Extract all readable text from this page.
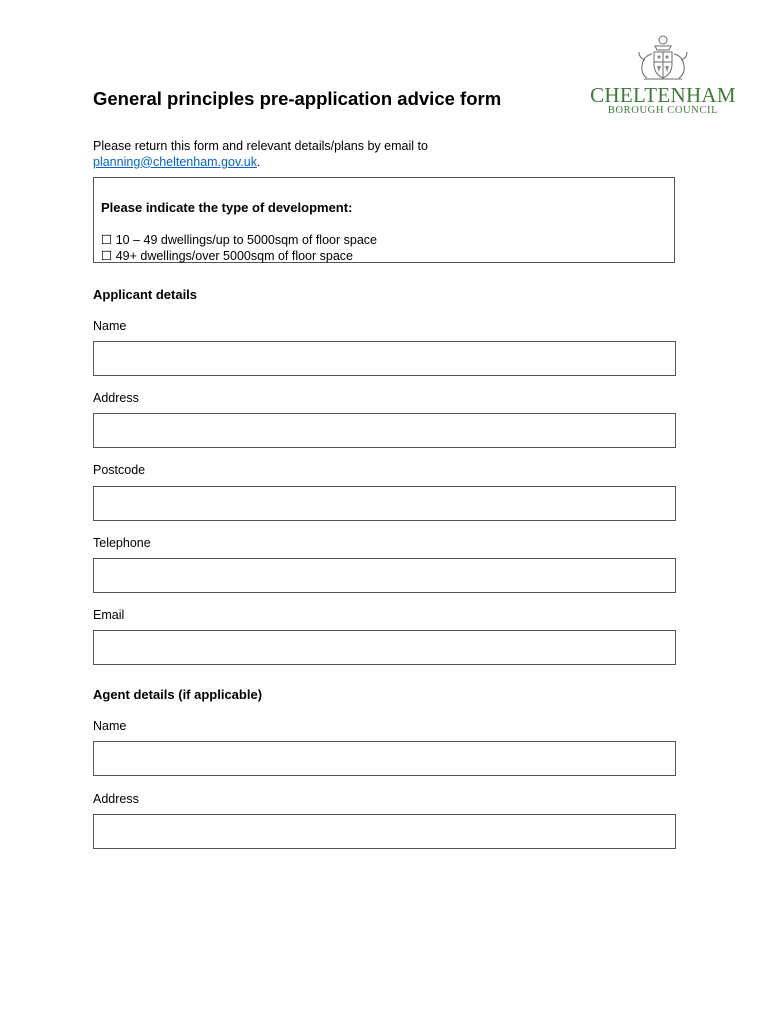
General principles pre-application advice form	CHELTENHAM
BOROUGH COUNCIL
Please return this form and relevant details/plans by email to
planning@cheltenham.gov.uk.
Please indicate the type of development:
☐ 10 – 49 dwellings/up to 5000sqm of floor space
☐ 49+ dwellings/over 5000sqm of floor space
Applicant details
Name
Address
Postcode
Telephone
Email
Agent details (if applicable)
Name
Address
